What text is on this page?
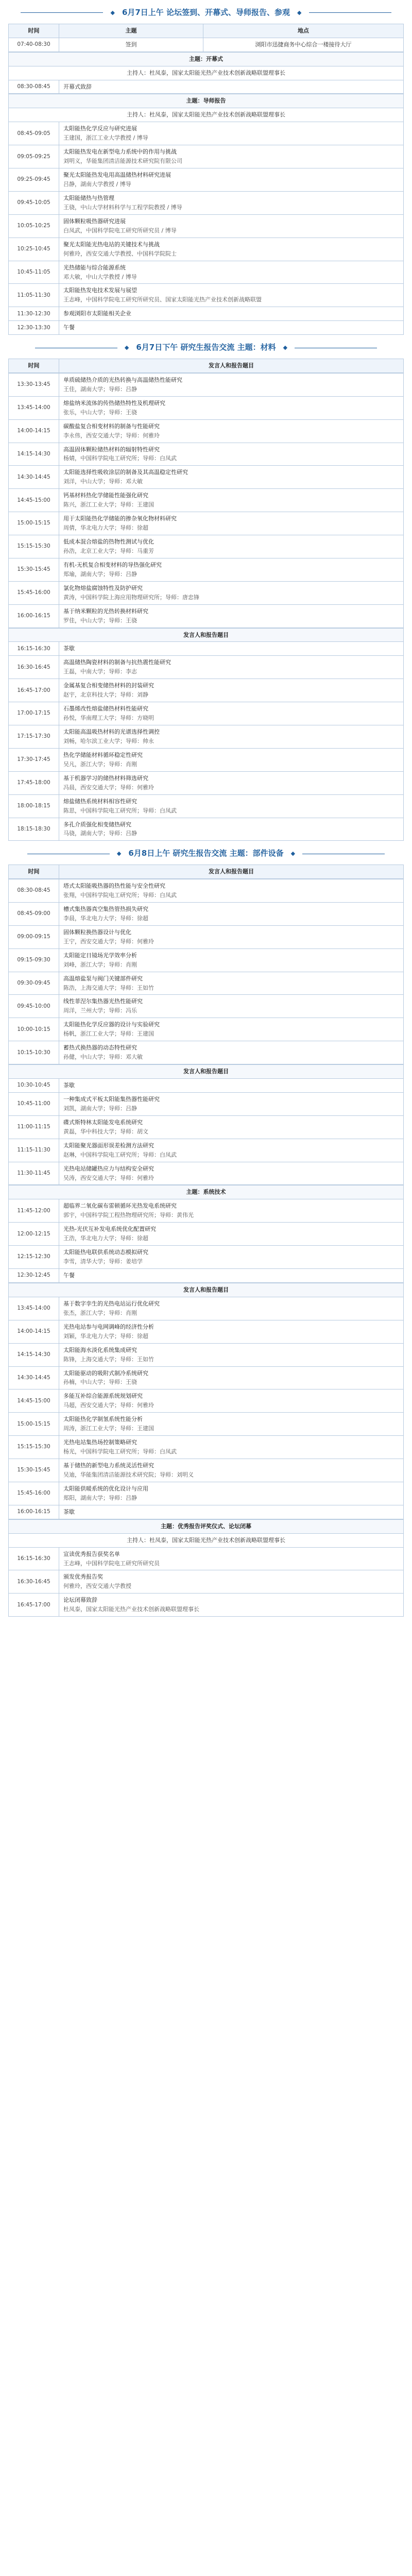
◆ 6月7日上午 论坛签到、开幕式、导师报告、参观 ◆
时间	主题	地点
07:40-08:30	签到	浏阳市迅捷商务中心综合一楼接待大厅
主题：开幕式
主持人：杜凤泰，国家太阳能光热产业技术创新战略联盟理事长
08:30-08:45	开幕式致辞
主题：导师报告	
主持人：杜凤泰，国家太阳能光热产业技术创新战略联盟理事长	
08:45-09:05	太阳能热化学反应与研究进展
王建国，浙江工业大学教授 / 博导

09:05-09:25	太阳能热发电在新型电力系统中的作用与挑战
刘明义，华能集团清洁能源技术研究院有限公司

09:25-09:45	聚光太阳能热发电用高温储热材料研究进展
吕静，湖南大学教授 / 博导

09:45-10:05	太阳能储热与热管理
王骁，中山大学材料科学与工程学院教授 / 博导

10:05-10:25	固体颗粒吸热器研究进展
白凤武，中国科学院电工研究所研究员 / 博导

10:25-10:45	聚光太阳能光热电站的关键技术与挑战
何雅玲，西安交通大学教授、中国科学院院士

10:45-11:05	光热储能与综合能源系统
邓大敏，中山大学教授 / 博导

11:05-11:30	太阳能热发电技术发展与展望
王志峰，中国科学院电工研究所研究员、国家太阳能光热产业技术创新战略联盟

11:30-12:30	参观浏阳市太阳能相关企业

12:30-13:30	午餐
◆ 6月7日下午 研究生报告交流 主题：材料 ◆
时间	发言人和报告题目
13:30-13:45	单质硫储热介质的光热转换与高温储热性能研究
王佳，湖南大学；导师：吕静

13:45-14:00	熔盐纳米流体的传热储热特性及机理研究
张乐，中山大学；导师：王骁

14:00-14:15	碳酸盐复合相变材料的制备与性能研究
李永伟，西安交通大学；导师：何雅玲

14:15-14:30	高温固体颗粒储热材料的辐射特性研究
杨婧，中国科学院电工研究所；导师：白凤武

14:30-14:45	太阳能选择性吸收涂层的制备及其高温稳定性研究
刘洋，中山大学；导师：邓大敏

14:45-15:00	钙基材料热化学储能性能强化研究
陈兴，浙江工业大学；导师：王建国

15:00-15:15	用于太阳能热化学储能的掺杂氧化物材料研究
周倩，华北电力大学；导师：徐超

15:15-15:30	低成本混合熔盐的热物性测试与优化
孙浩，北京工业大学；导师：马重芳

15:30-15:45	有机-无机复合相变材料的导热强化研究
郑瑜，湖南大学；导师：吕静

15:45-16:00	氯化物熔盐腐蚀特性及防护研究
黄涛，中国科学院上海应用物理研究所；导师：唐忠锋

16:00-16:15	基于纳米颗粒的光热转换材料研究
罗佳，中山大学；导师：王骁
发言人和报告题目	
16:15-16:30	茶歇

16:30-16:45	高温储热陶瓷材料的制备与抗热震性能研究
王磊，中南大学；导师：李志

16:45-17:00	金属基复合相变储热材料的封装研究
赵宇，北京科技大学；导师：刘静

17:00-17:15	石墨烯改性熔盐储热材料性能研究
孙悦，华南理工大学；导师：方晓明

17:15-17:30	太阳能高温吸热材料的光谱选择性调控
刘畅，哈尔滨工业大学；导师：帅永

17:30-17:45	热化学储能材料循环稳定性研究
吴凡，浙江大学；导师：肖刚

17:45-18:00	基于机器学习的储热材料筛选研究
冯晨，西安交通大学；导师：何雅玲

18:00-18:15	熔盐储热系统材料相容性研究
陈思，中国科学院电工研究所；导师：白凤武

18:15-18:30	多孔介质强化相变储热研究
马骁，湖南大学；导师：吕静
◆ 6月8日上午 研究生报告交流 主题：部件设备 ◆
时间	发言人和报告题目
08:30-08:45	塔式太阳能吸热器的热性能与安全性研究
张翔，中国科学院电工研究所；导师：白凤武

08:45-09:00	槽式集热器真空集热管热损失研究
李晨，华北电力大学；导师：徐超

09:00-09:15	固体颗粒换热器设计与优化
王宁，西安交通大学；导师：何雅玲

09:15-09:30	太阳能定日镜场光学效率分析
刘峰，浙江大学；导师：肖刚

09:30-09:45	高温熔盐泵与阀门关键部件研究
陈浩，上海交通大学；导师：王如竹

09:45-10:00	线性菲涅尔集热器光热性能研究
周洋，兰州大学；导师：冯乐

10:00-10:15	太阳能热化学反应器的设计与实验研究
杨帆，浙江工业大学；导师：王建国

10:15-10:30	蓄热式换热器的动态特性研究
孙健，中山大学；导师：邓大敏
发言人和报告题目	
10:30-10:45	茶歇

10:45-11:00	一种集成式平板太阳能集热器性能研究
刘凯，湖南大学；导师：吕静

11:00-11:15	碟式斯特林太阳能发电系统研究
黄磊，华中科技大学；导师：胡文

11:15-11:30	太阳能聚光器面形误差检测方法研究
赵琳，中国科学院电工研究所；导师：白凤武

11:30-11:45	光热电站储罐热应力与结构安全研究
吴涛，西安交通大学；导师：何雅玲
主题：系统技术	
11:45-12:00	超临界二氧化碳布雷顿循环光热发电系统研究
郭宇，中国科学院工程热物理研究所；导师：黄伟光

12:00-12:15	光热-光伏互补发电系统优化配置研究
王浩，华北电力大学；导师：徐超

12:15-12:30	太阳能热电联供系统动态模拟研究
李雪，清华大学；导师：姜培学

12:30-12:45	午餐
发言人和报告题目	
13:45-14:00	基于数字孪生的光热电站运行优化研究
张杰，浙江大学；导师：肖刚

14:00-14:15	光热电站参与电网调峰的经济性分析
刘颖，华北电力大学；导师：徐超

14:15-14:30	太阳能海水淡化系统集成研究
陈锋，上海交通大学；导师：王如竹

14:30-14:45	太阳能驱动的吸附式制冷系统研究
孙楠，中山大学；导师：王骁

14:45-15:00	多能互补综合能源系统规划研究
马超，西安交通大学；导师：何雅玲

15:00-15:15	太阳能热化学制氢系统性能分析
周涛，浙江工业大学；导师：王建国

15:15-15:30	光热电站集热场控制策略研究
杨光，中国科学院电工研究所；导师：白凤武

15:30-15:45	基于储热的新型电力系统灵活性研究
吴迪，华能集团清洁能源技术研究院；导师：刘明义

15:45-16:00	太阳能供暖系统的优化设计与应用
郑阳，湖南大学；导师：吕静

16:00-16:15	茶歇
主题：优秀报告评奖仪式、论坛闭幕	
主持人：杜凤泰，国家太阳能光热产业技术创新战略联盟理事长	
16:15-16:30	宣读优秀报告获奖名单
王志峰，中国科学院电工研究所研究员

16:30-16:45	颁发优秀报告奖
何雅玲，西安交通大学教授

16:45-17:00	论坛闭幕致辞
杜凤泰，国家太阳能光热产业技术创新战略联盟理事长
